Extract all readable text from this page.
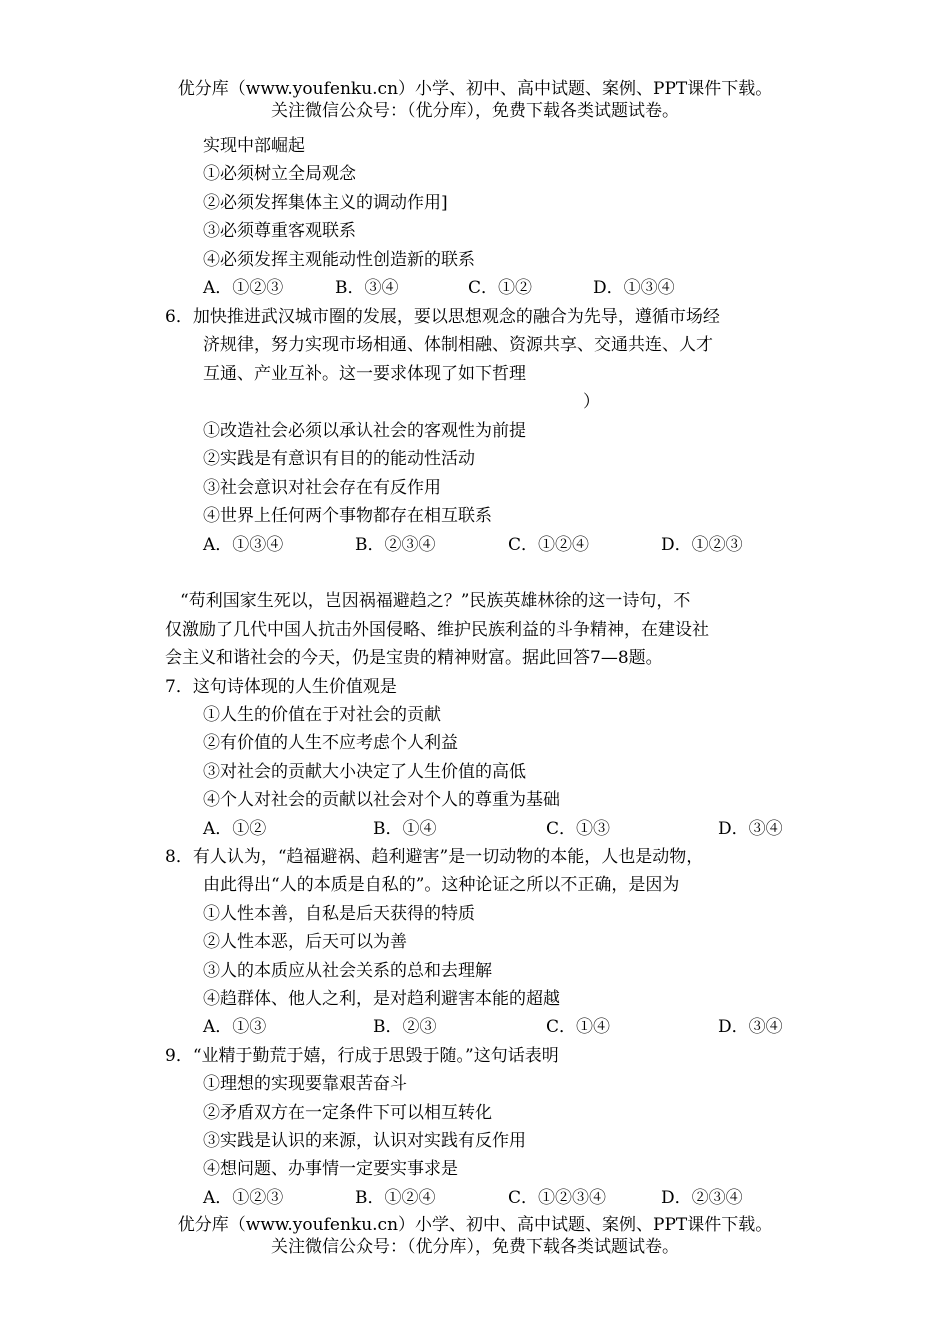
优分库（www.youfenku.cn）小学、初中、高中试题、案例、PPT课件下载。
关注微信公众号：（优分库），免费下载各类试题试卷。
实现中部崛起
①必须树立全局观念
②必须发挥集体主义的调动作用]
③必须尊重客观联系
④必须发挥主观能动性创造新的联系
A．①②③	B．③④	C．①②	D．①③④
6．加快推进武汉城市圈的发展，要以思想观念的融合为先导，遵循市场经
济规律，努力实现市场相通、体制相融、资源共享、交通共连、人才
互通、产业互补。这一要求体现了如下哲理
）
①改造社会必须以承认社会的客观性为前提
②实践是有意识有目的的能动性活动
③社会意识对社会存在有反作用
④世界上任何两个事物都存在相互联系
A．①③④	B．②③④	C．①②④	D．①②③
“苟利国家生死以，岂因祸福避趋之？”民族英雄林徐的这一诗句，不
仅激励了几代中国人抗击外国侵略、维护民族利益的斗争精神，在建设社
会主义和谐社会的今天，仍是宝贵的精神财富。据此回答7—8题。
7．这句诗体现的人生价值观是
①人生的价值在于对社会的贡献
②有价值的人生不应考虑个人利益
③对社会的贡献大小决定了人生价值的高低
④个人对社会的贡献以社会对个人的尊重为基础
A．①②	B．①④	C．①③	D．③④
8．有人认为，“趋福避祸、趋利避害”是一切动物的本能，人也是动物，
由此得出“人的本质是自私的”。这种论证之所以不正确，是因为
①人性本善，自私是后天获得的特质
②人性本恶，后天可以为善
③人的本质应从社会关系的总和去理解
④趋群体、他人之利，是对趋利避害本能的超越
A．①③	B．②③	C．①④	D．③④
9．“业精于勤荒于嬉，行成于思毁于随。”这句话表明
①理想的实现要靠艰苦奋斗
②矛盾双方在一定条件下可以相互转化
③实践是认识的来源，认识对实践有反作用
④想问题、办事情一定要实事求是
A．①②③	B．①②④	C．①②③④	D．②③④
优分库（www.youfenku.cn）小学、初中、高中试题、案例、PPT课件下载。
关注微信公众号：（优分库），免费下载各类试题试卷。
